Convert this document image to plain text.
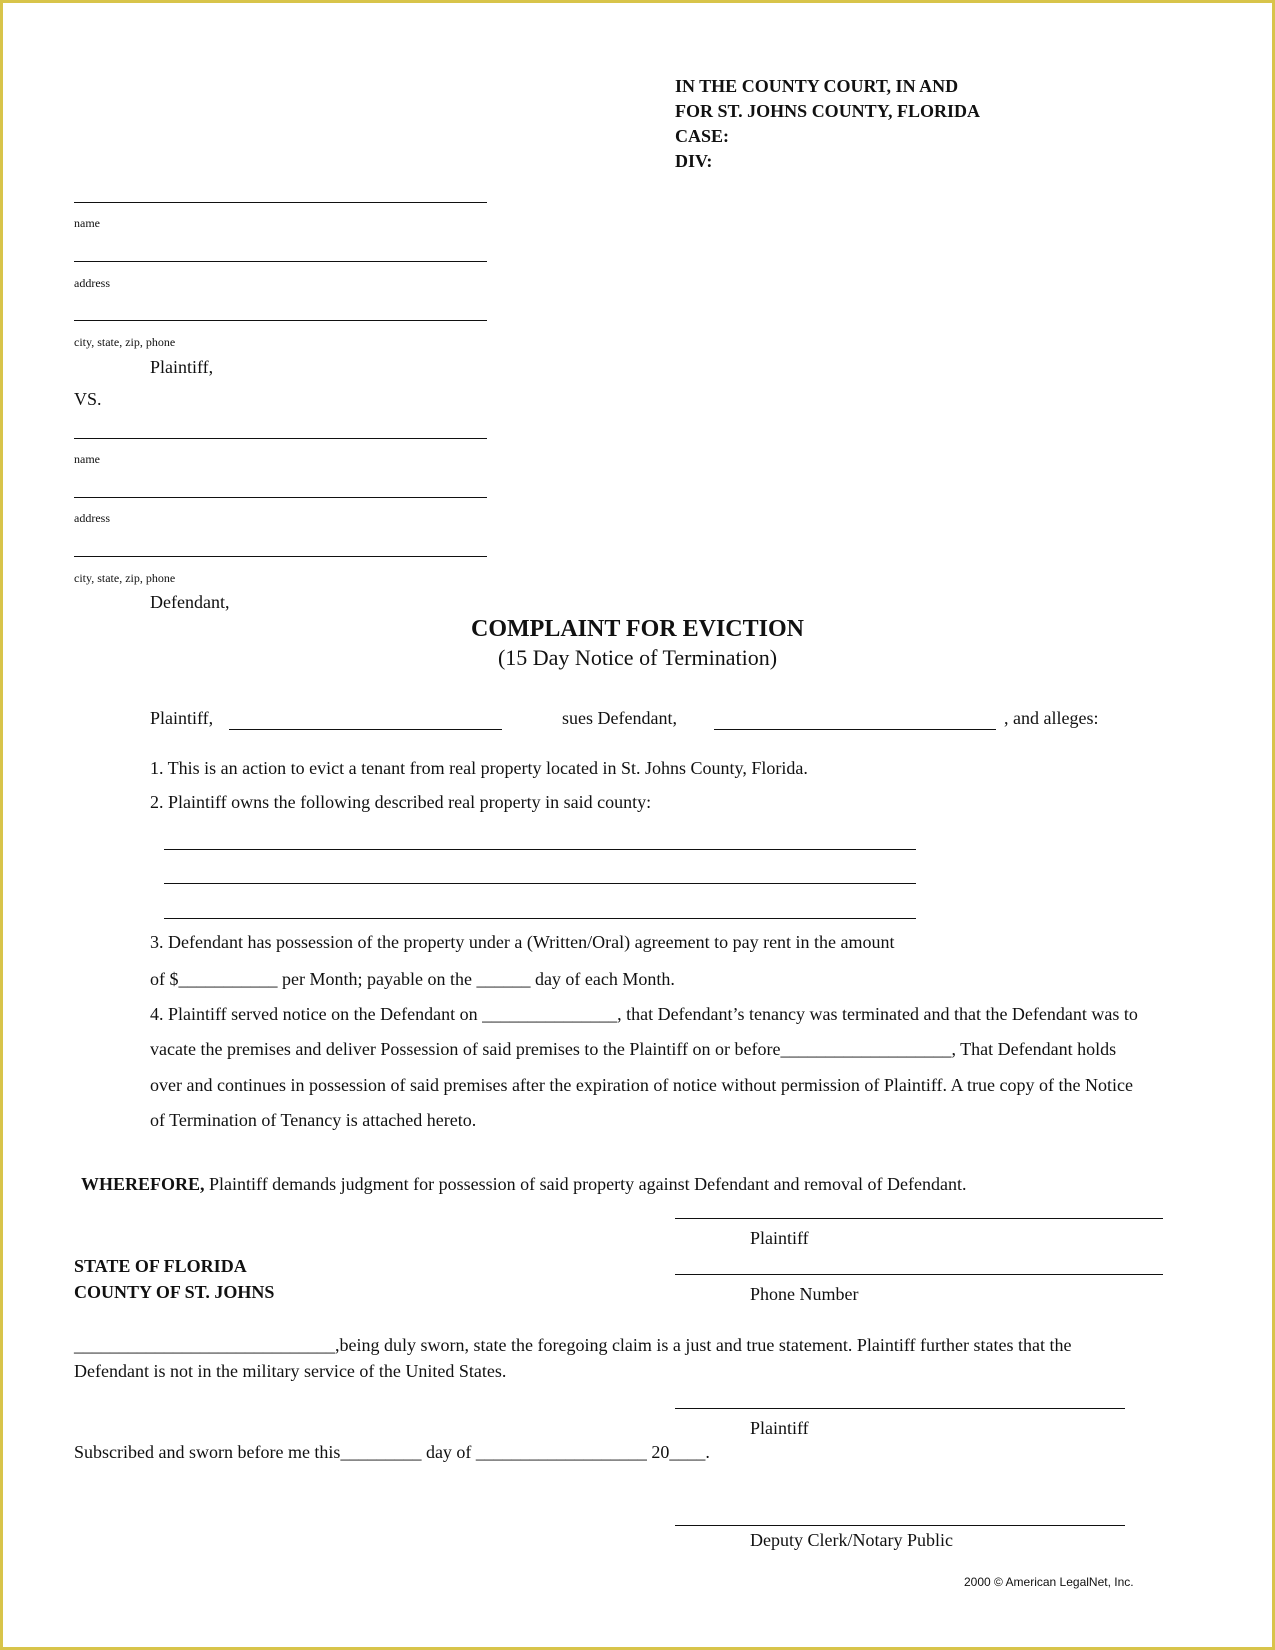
IN THE COUNTY COURT, IN AND
FOR ST. JOHNS COUNTY, FLORIDA
CASE:
DIV:
name
address
city, state, zip, phone
Plaintiff,
VS.
name
address
city, state, zip, phone
Defendant,
COMPLAINT FOR EVICTION
(15 Day Notice of Termination)
Plaintiff,	sues Defendant,	, and alleges:
1. This is an action to evict a tenant from real property located in St. Johns County, Florida.
2. Plaintiff owns the following described real property in said county:
3. Defendant has possession of the property under a (Written/Oral) agreement to pay rent in the amount
of $___________ per Month; payable on the ______ day of each Month.
4. Plaintiff served notice on the Defendant on _______________, that Defendant’s tenancy was terminated and that the Defendant was to
vacate the premises and deliver Possession of said premises to the Plaintiff on or before___________________, That Defendant holds
over and continues in possession of said premises after the expiration of notice without permission of Plaintiff. A true copy of the Notice
of Termination of Tenancy is attached hereto.
WHEREFORE, Plaintiff demands judgment for possession of said property against Defendant and removal of Defendant.
Plaintiff
Phone Number
STATE OF FLORIDA
COUNTY OF ST. JOHNS
_____________________________,being duly sworn, state the foregoing claim is a just and true statement. Plaintiff further states that the
Defendant is not in the military service of the United States.
Plaintiff
Subscribed and sworn before me this_________ day of ___________________ 20____.
Deputy Clerk/Notary Public
2000 © American LegalNet, Inc.
